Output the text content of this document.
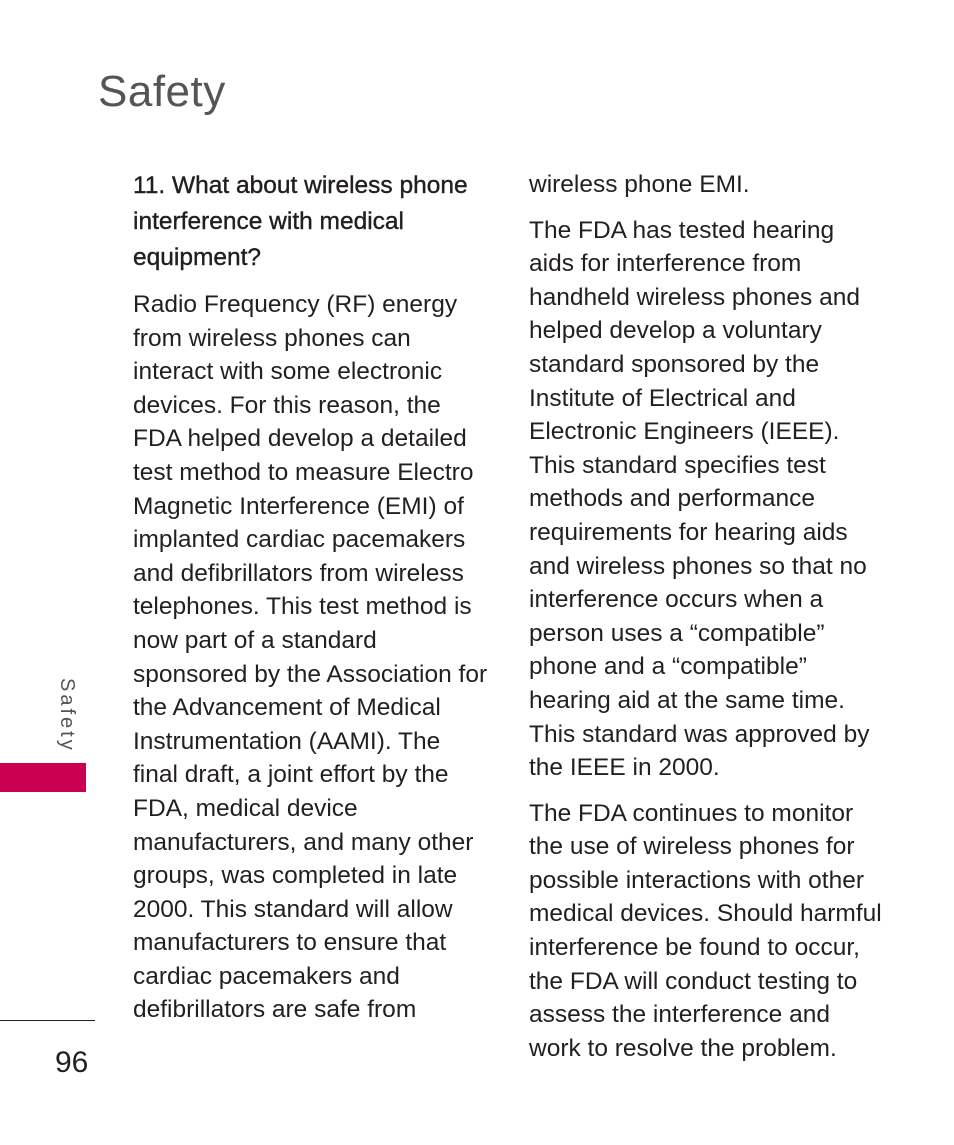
Safety
Safety
96
11. What about wireless phone interference with medical equipment?

Radio Frequency (RF) energy from wireless phones can interact with some electronic devices. For this reason, the FDA helped develop a detailed test method to measure Electro Magnetic Interference (EMI) of implanted cardiac pacemakers and defibrillators from wireless telephones. This test method is now part of a standard sponsored by the Association for the Advancement of Medical Instrumentation (AAMI). The final draft, a joint effort by the FDA, medical device manufacturers, and many other groups, was completed in late 2000. This standard will allow manufacturers to ensure that cardiac pacemakers and defibrillators are safe from

wireless phone EMI.

The FDA has tested hearing aids for interference from handheld wireless phones and helped develop a voluntary standard sponsored by the Institute of Electrical and Electronic Engineers (IEEE). This standard specifies test methods and performance requirements for hearing aids and wireless phones so that no interference occurs when a person uses a “compatible” phone and a “compatible” hearing aid at the same time. This standard was approved by the IEEE in 2000.

The FDA continues to monitor the use of wireless phones for possible interactions with other medical devices. Should harmful interference be found to occur, the FDA will conduct testing to assess the interference and work to resolve the problem.
